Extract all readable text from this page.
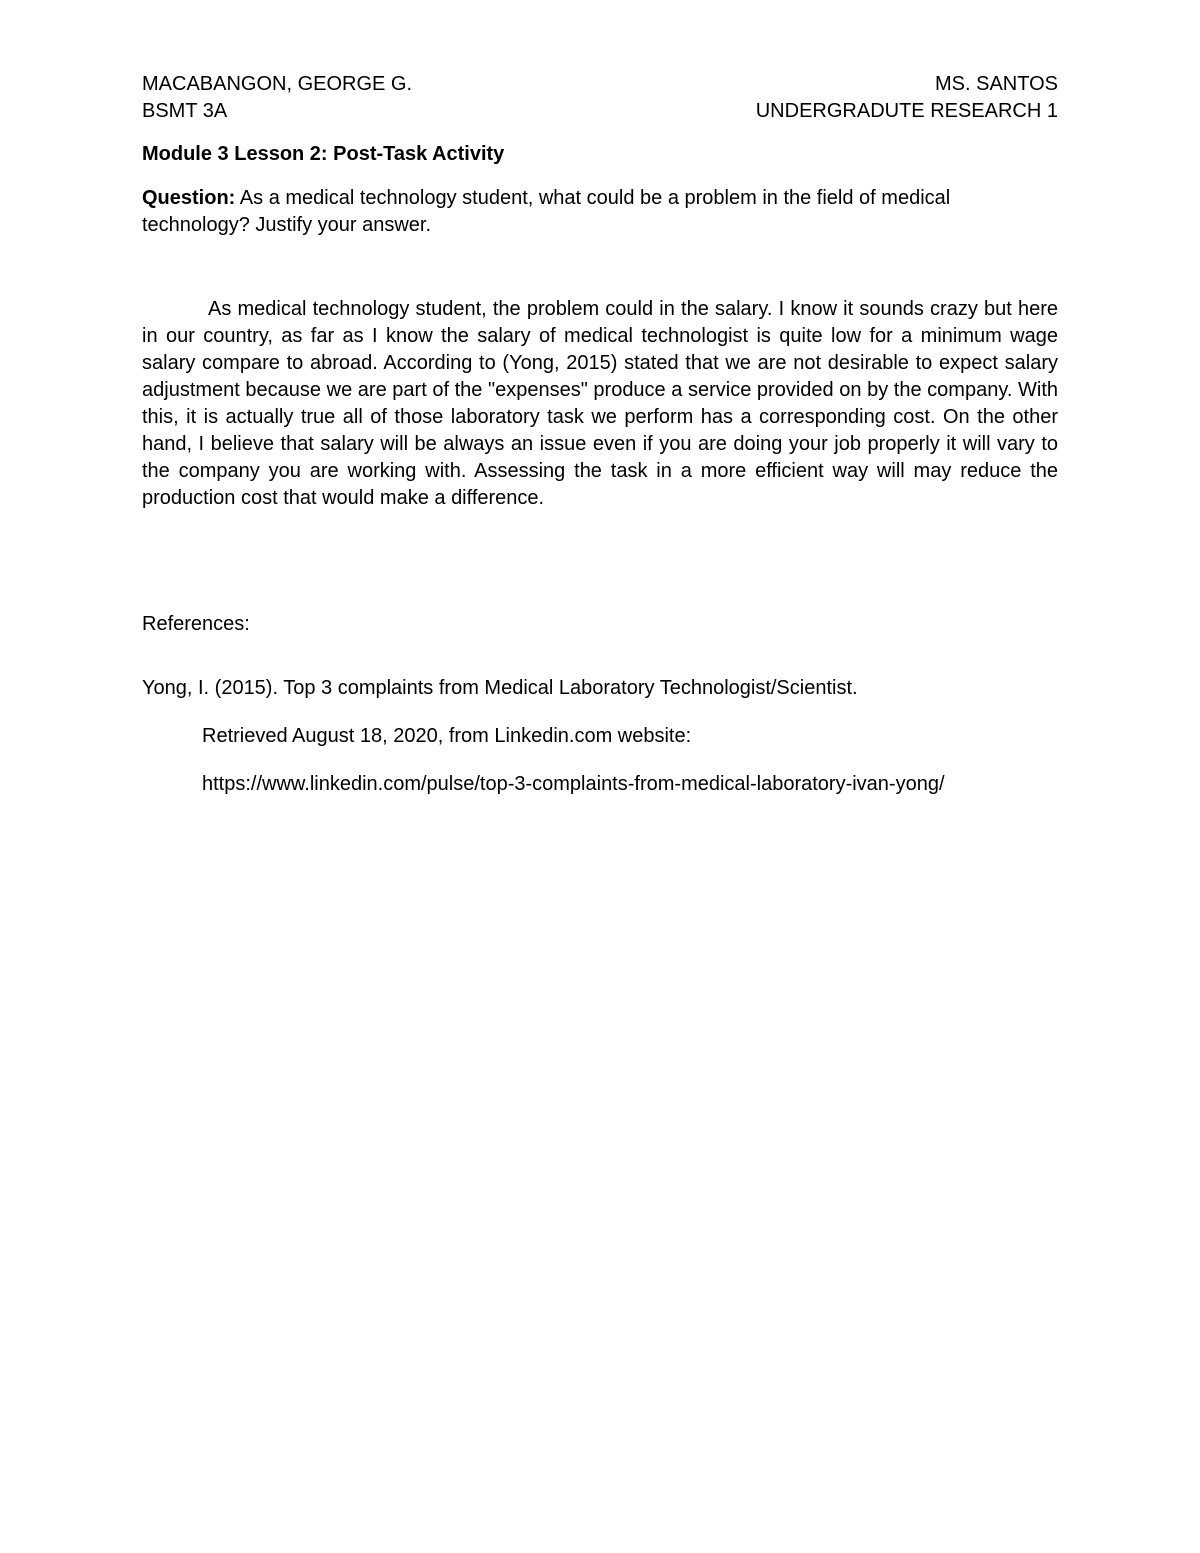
MACABANGON, GEORGE G.	MS. SANTOS
BSMT 3A	UNDERGRADUTE RESEARCH 1
Module 3 Lesson 2: Post-Task Activity
Question: As a medical technology student, what could be a problem in the field of medical technology? Justify your answer.

As medical technology student, the problem could in the salary. I know it sounds crazy but here in our country, as far as I know the salary of medical technologist is quite low for a minimum wage salary compare to abroad. According to (Yong, 2015) stated that we are not desirable to expect salary adjustment because we are part of the "expenses" produce a service provided on by the company. With this, it is actually true all of those laboratory task we perform has a corresponding cost. On the other hand, I believe that salary will be always an issue even if you are doing your job properly it will vary to the company you are working with. Assessing the task in a more efficient way will may reduce the production cost that would make a difference.

References:
Yong, I. (2015). Top 3 complaints from Medical Laboratory Technologist/Scientist.
Retrieved August 18, 2020, from Linkedin.com website:
https://www.linkedin.com/pulse/top-3-complaints-from-medical-laboratory-ivan-yong/
